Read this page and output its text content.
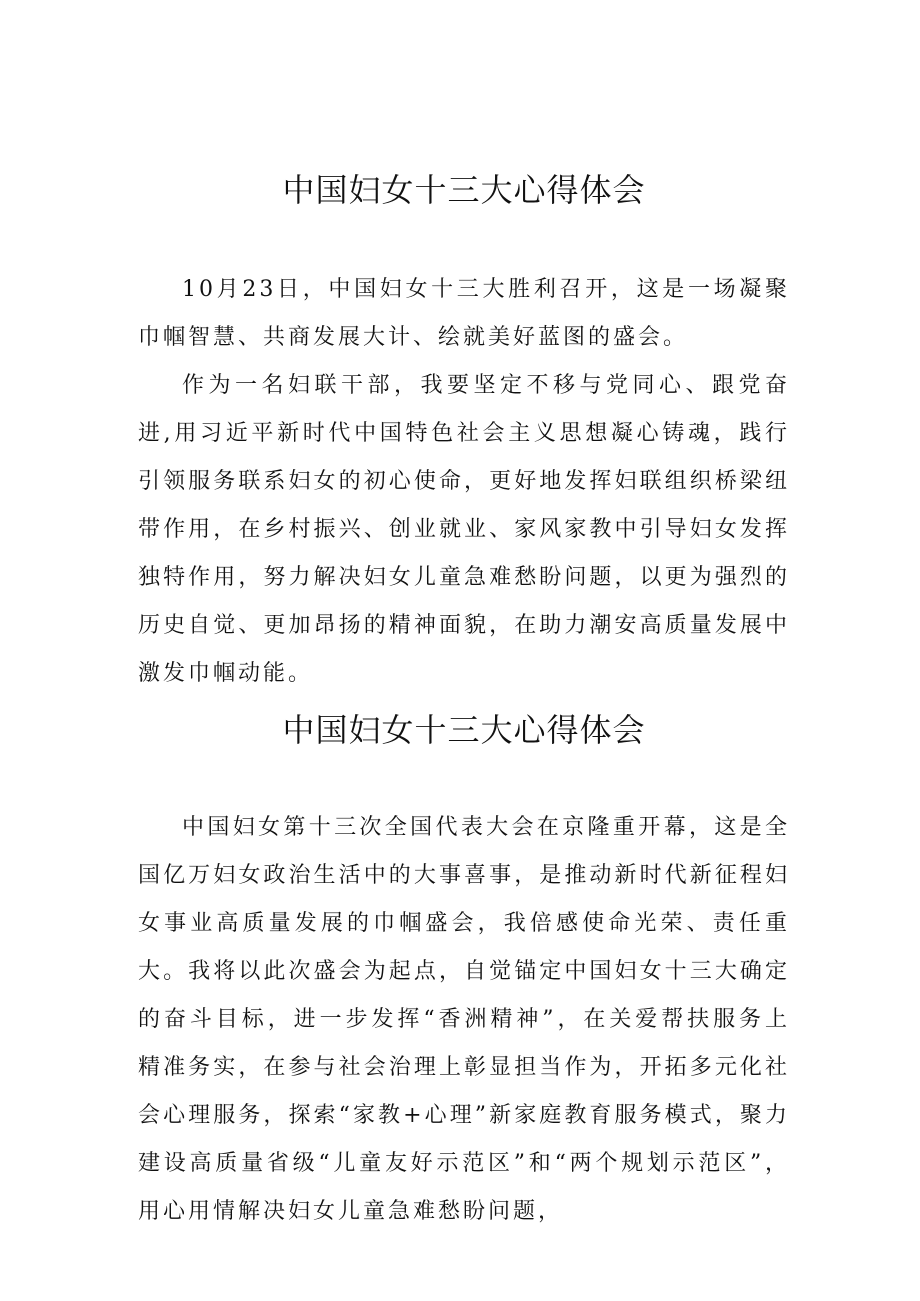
中国妇女十三大心得体会

10月23日，中国妇女十三大胜利召开，这是一场凝聚巾帼智慧、共商发展大计、绘就美好蓝图的盛会。

作为一名妇联干部，我要坚定不移与党同心、跟党奋进,用习近平新时代中国特色社会主义思想凝心铸魂，践行引领服务联系妇女的初心使命，更好地发挥妇联组织桥梁纽带作用，在乡村振兴、创业就业、家风家教中引导妇女发挥独特作用，努力解决妇女儿童急难愁盼问题，以更为强烈的历史自觉、更加昂扬的精神面貌，在助力潮安高质量发展中激发巾帼动能。

中国妇女十三大心得体会

中国妇女第十三次全国代表大会在京隆重开幕，这是全国亿万妇女政治生活中的大事喜事，是推动新时代新征程妇女事业高质量发展的巾帼盛会，我倍感使命光荣、责任重大。我将以此次盛会为起点，自觉锚定中国妇女十三大确定的奋斗目标，进一步发挥“香洲精神”，在关爱帮扶服务上精准务实，在参与社会治理上彰显担当作为，开拓多元化社会心理服务，探索“家教+心理”新家庭教育服务模式，聚力建设高质量省级“儿童友好示范区”和“两个规划示范区”，用心用情解决妇女儿童急难愁盼问题，
